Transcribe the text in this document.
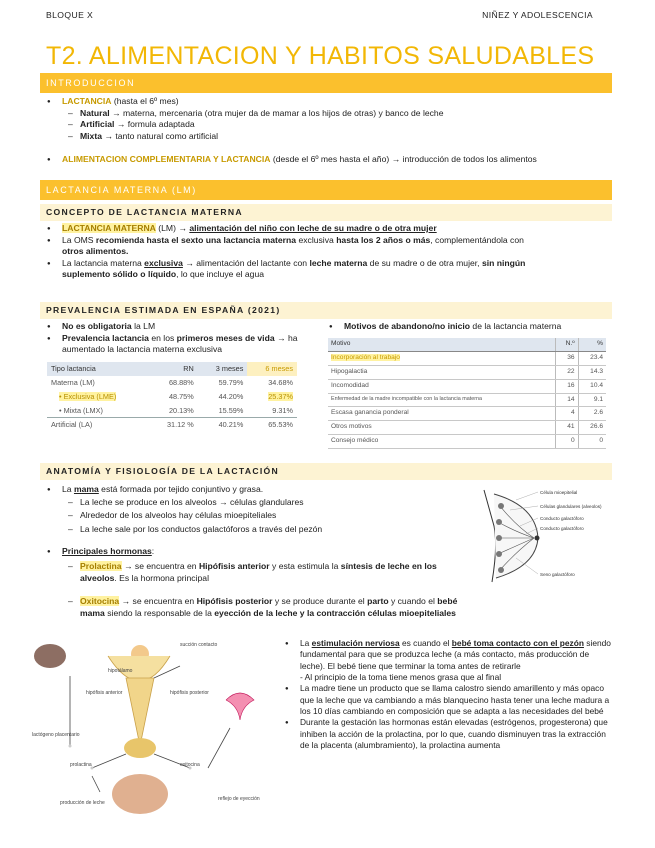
BLOQUE X	NIÑEZ Y ADOLESCENCIA
T2. ALIMENTACION Y HABITOS SALUDABLES
INTRODUCCION
● LACTANCIA (hasta el 6º mes)
– Natural → materna, mercenaria (otra mujer da de mamar a los hijos de otras) y banco de leche
– Artificial → formula adaptada
– Mixta → tanto natural como artificial
● ALIMENTACION COMPLEMENTARIA Y LACTANCIA (desde el 6º mes hasta el año) → introducción de todos los alimentos
LACTANCIA MATERNA (LM)
CONCEPTO DE LACTANCIA MATERNA
● LACTANCIA MATERNA (LM) → alimentación del niño con leche de su madre o de otra mujer
● La OMS recomienda hasta el sexto una lactancia materna exclusiva hasta los 2 años o más, complementándola con otros alimentos.
● La lactancia materna exclusiva → alimentación del lactante con leche materna de su madre o de otra mujer, sin ningún suplemento sólido o líquido, lo que incluye el agua
PREVALENCIA ESTIMADA EN ESPAÑA (2021)
● No es obligatoria la LM
● Prevalencia lactancia en los primeros meses de vida → ha aumentado la lactancia materna exclusiva
● Motivos de abandono/no inicio de la lactancia materna
Tipo lactancia	RN	3 meses	6 meses
Materna (LM)	68.88%	59.79%	34.68%
• Exclusiva (LME)	48.75%	44.20%	25.37%
• Mixta (LMX)	20.13%	15.59%	9.31%
Artificial (LA)	31.12 %	40.21%	65.53%
Motivo	N.º	%
Incorporación al trabajo	36	23.4
Hipogalactia	22	14.3
Incomodidad	16	10.4
Enfermedad de la madre incompatible con la lactancia materna	14	9.1
Escasa ganancia ponderal	4	2.6
Otros motivos	41	26.6
Consejo médico	0	0
ANATOMÍA Y FISIOLOGÍA DE LA LACTACIÓN
● La mama está formada por tejido conjuntivo y grasa.
– La leche se produce en los alveolos → células glandulares
– Alrededor de los alveolos hay células mioepiteliales
– La leche sale por los conductos galactóforos a través del pezón
● Principales hormonas:
– Prolactina → se encuentra en Hipófisis anterior y esta estimula la síntesis de leche en los alveolos. Es la hormona principal
– Oxitocina → se encuentra en Hipófisis posterior y se produce durante el parto y cuando el bebé mama siendo la responsable de la eyección de la leche y la contracción células mioepiteliales
Célula mioepitelial
Células glandulares (alveolos)
Conducto galactóforo
Conducto galactóforo
Seno galactóforo
succión contacto
hipotálamo
hipófisis anterior	hipófisis posterior
lactógeno placentario
prolactina	oxitocina
producción de leche
reflejo de eyección
● La estimulación nerviosa es cuando el bebé toma contacto con el pezón siendo fundamental para que se produzca leche (a más contacto, más producción de leche). El bebé tiene que terminar la toma antes de retirarle
- Al principio de la toma tiene menos grasa que al final
● La madre tiene un producto que se llama calostro siendo amarillento y más opaco que la leche que va cambiando a más blanquecino hasta tener una leche madura a los 10 días cambiando en composición que se adapta a las necesidades del bebé
● Durante la gestación las hormonas están elevadas (estrógenos, progesterona) que inhiben la acción de la prolactina, por lo que, cuando disminuyen tras la extracción de la placenta (alumbramiento), la prolactina aumenta
